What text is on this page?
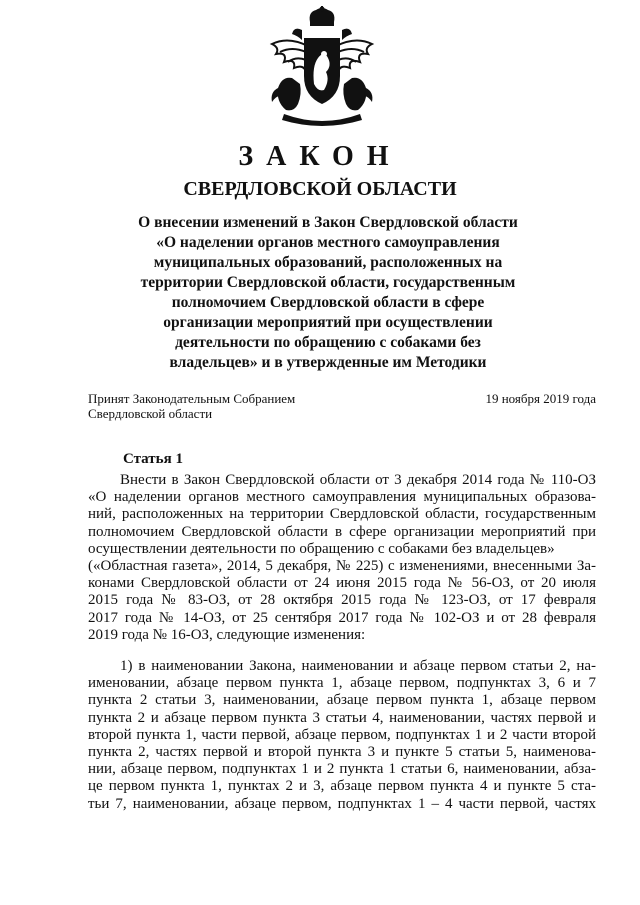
ЗАКОН
СВЕРДЛОВСКОЙ ОБЛАСТИ
О внесении изменений в Закон Свердловской области
«О наделении органов местного самоуправления
муниципальных образований, расположенных на
территории Свердловской области, государственным
полномочием Свердловской области в сфере
организации мероприятий при осуществлении
деятельности по обращению с собаками без
владельцев» и в утвержденные им Методики
Принят Законодательным Собранием
Свердловской области
19 ноября 2019 года
Статья 1
Внести в Закон Свердловской области от 3 декабря 2014 года № 110-ОЗ
«О наделении органов местного самоуправления муниципальных образова-
ний, расположенных на территории Свердловской области, государственным
полномочием Свердловской области в сфере организации мероприятий при
осуществлении деятельности по обращению с собаками без владельцев»
(«Областная газета», 2014, 5 декабря, № 225) с изменениями, внесенными За-
конами Свердловской области от 24 июня 2015 года № 56-ОЗ, от 20 июля
2015 года № 83-ОЗ, от 28 октября 2015 года № 123-ОЗ, от 17 февраля
2017 года № 14-ОЗ, от 25 сентября 2017 года № 102-ОЗ и от 28 февраля
2019 года № 16-ОЗ, следующие изменения:
1) в наименовании Закона, наименовании и абзаце первом статьи 2, на-
именовании, абзаце первом пункта 1, абзаце первом, подпунктах 3, 6 и 7
пункта 2 статьи 3, наименовании, абзаце первом пункта 1, абзаце первом
пункта 2 и абзаце первом пункта 3 статьи 4, наименовании, частях первой и
второй пункта 1, части первой, абзаце первом, подпунктах 1 и 2 части второй
пункта 2, частях первой и второй пункта 3 и пункте 5 статьи 5, наименова-
нии, абзаце первом, подпунктах 1 и 2 пункта 1 статьи 6, наименовании, абза-
це первом пункта 1, пунктах 2 и 3, абзаце первом пункта 4 и пункте 5 ста-
тьи 7, наименовании, абзаце первом, подпунктах 1 – 4 части первой, частях
